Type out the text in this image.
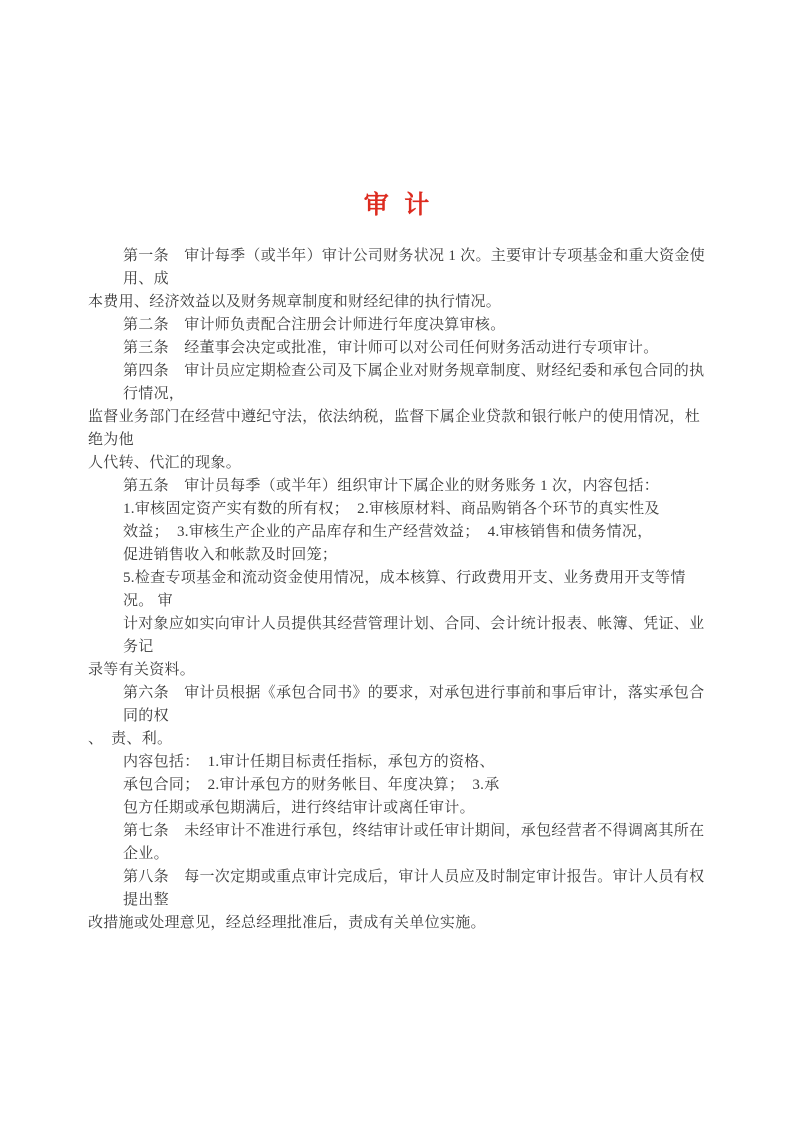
审  计
第一条　审计每季（或半年）审计公司财务状况 1 次。主要审计专项基金和重大资金使用、成
本费用、经济效益以及财务规章制度和财经纪律的执行情况。
第二条　审计师负责配合注册会计师进行年度决算审核。
第三条　经董事会决定或批准，审计师可以对公司任何财务活动进行专项审计。
第四条　审计员应定期检查公司及下属企业对财务规章制度、财经纪委和承包合同的执行情况，
监督业务部门在经营中遵纪守法，依法纳税，监督下属企业贷款和银行帐户的使用情况，杜绝为他
人代转、代汇的现象。
第五条　审计员每季（或半年）组织审计下属企业的财务账务 1 次，内容包括：
1.审核固定资产实有数的所有权；  2.审核原材料、商品购销各个环节的真实性及
效益；  3.审核生产企业的产品库存和生产经营效益；  4.审核销售和债务情况，
促进销售收入和帐款及时回笼；
5.检查专项基金和流动资金使用情况，成本核算、行政费用开支、业务费用开支等情况。 审
计对象应如实向审计人员提供其经营管理计划、合同、会计统计报表、帐簿、凭证、业务记
录等有关资料。
第六条　审计员根据《承包合同书》的要求，对承包进行事前和事后审计，落实承包合同的权
、　责、利。
内容包括：  1.审计任期目标责任指标，承包方的资格、
承包合同；  2.审计承包方的财务帐目、年度决算；  3.承
包方任期或承包期满后，进行终结审计或离任审计。
第七条　未经审计不准进行承包，终结审计或任审计期间，承包经营者不得调离其所在企业。
第八条　每一次定期或重点审计完成后，审计人员应及时制定审计报告。审计人员有权提出整
改措施或处理意见，经总经理批准后，责成有关单位实施。
